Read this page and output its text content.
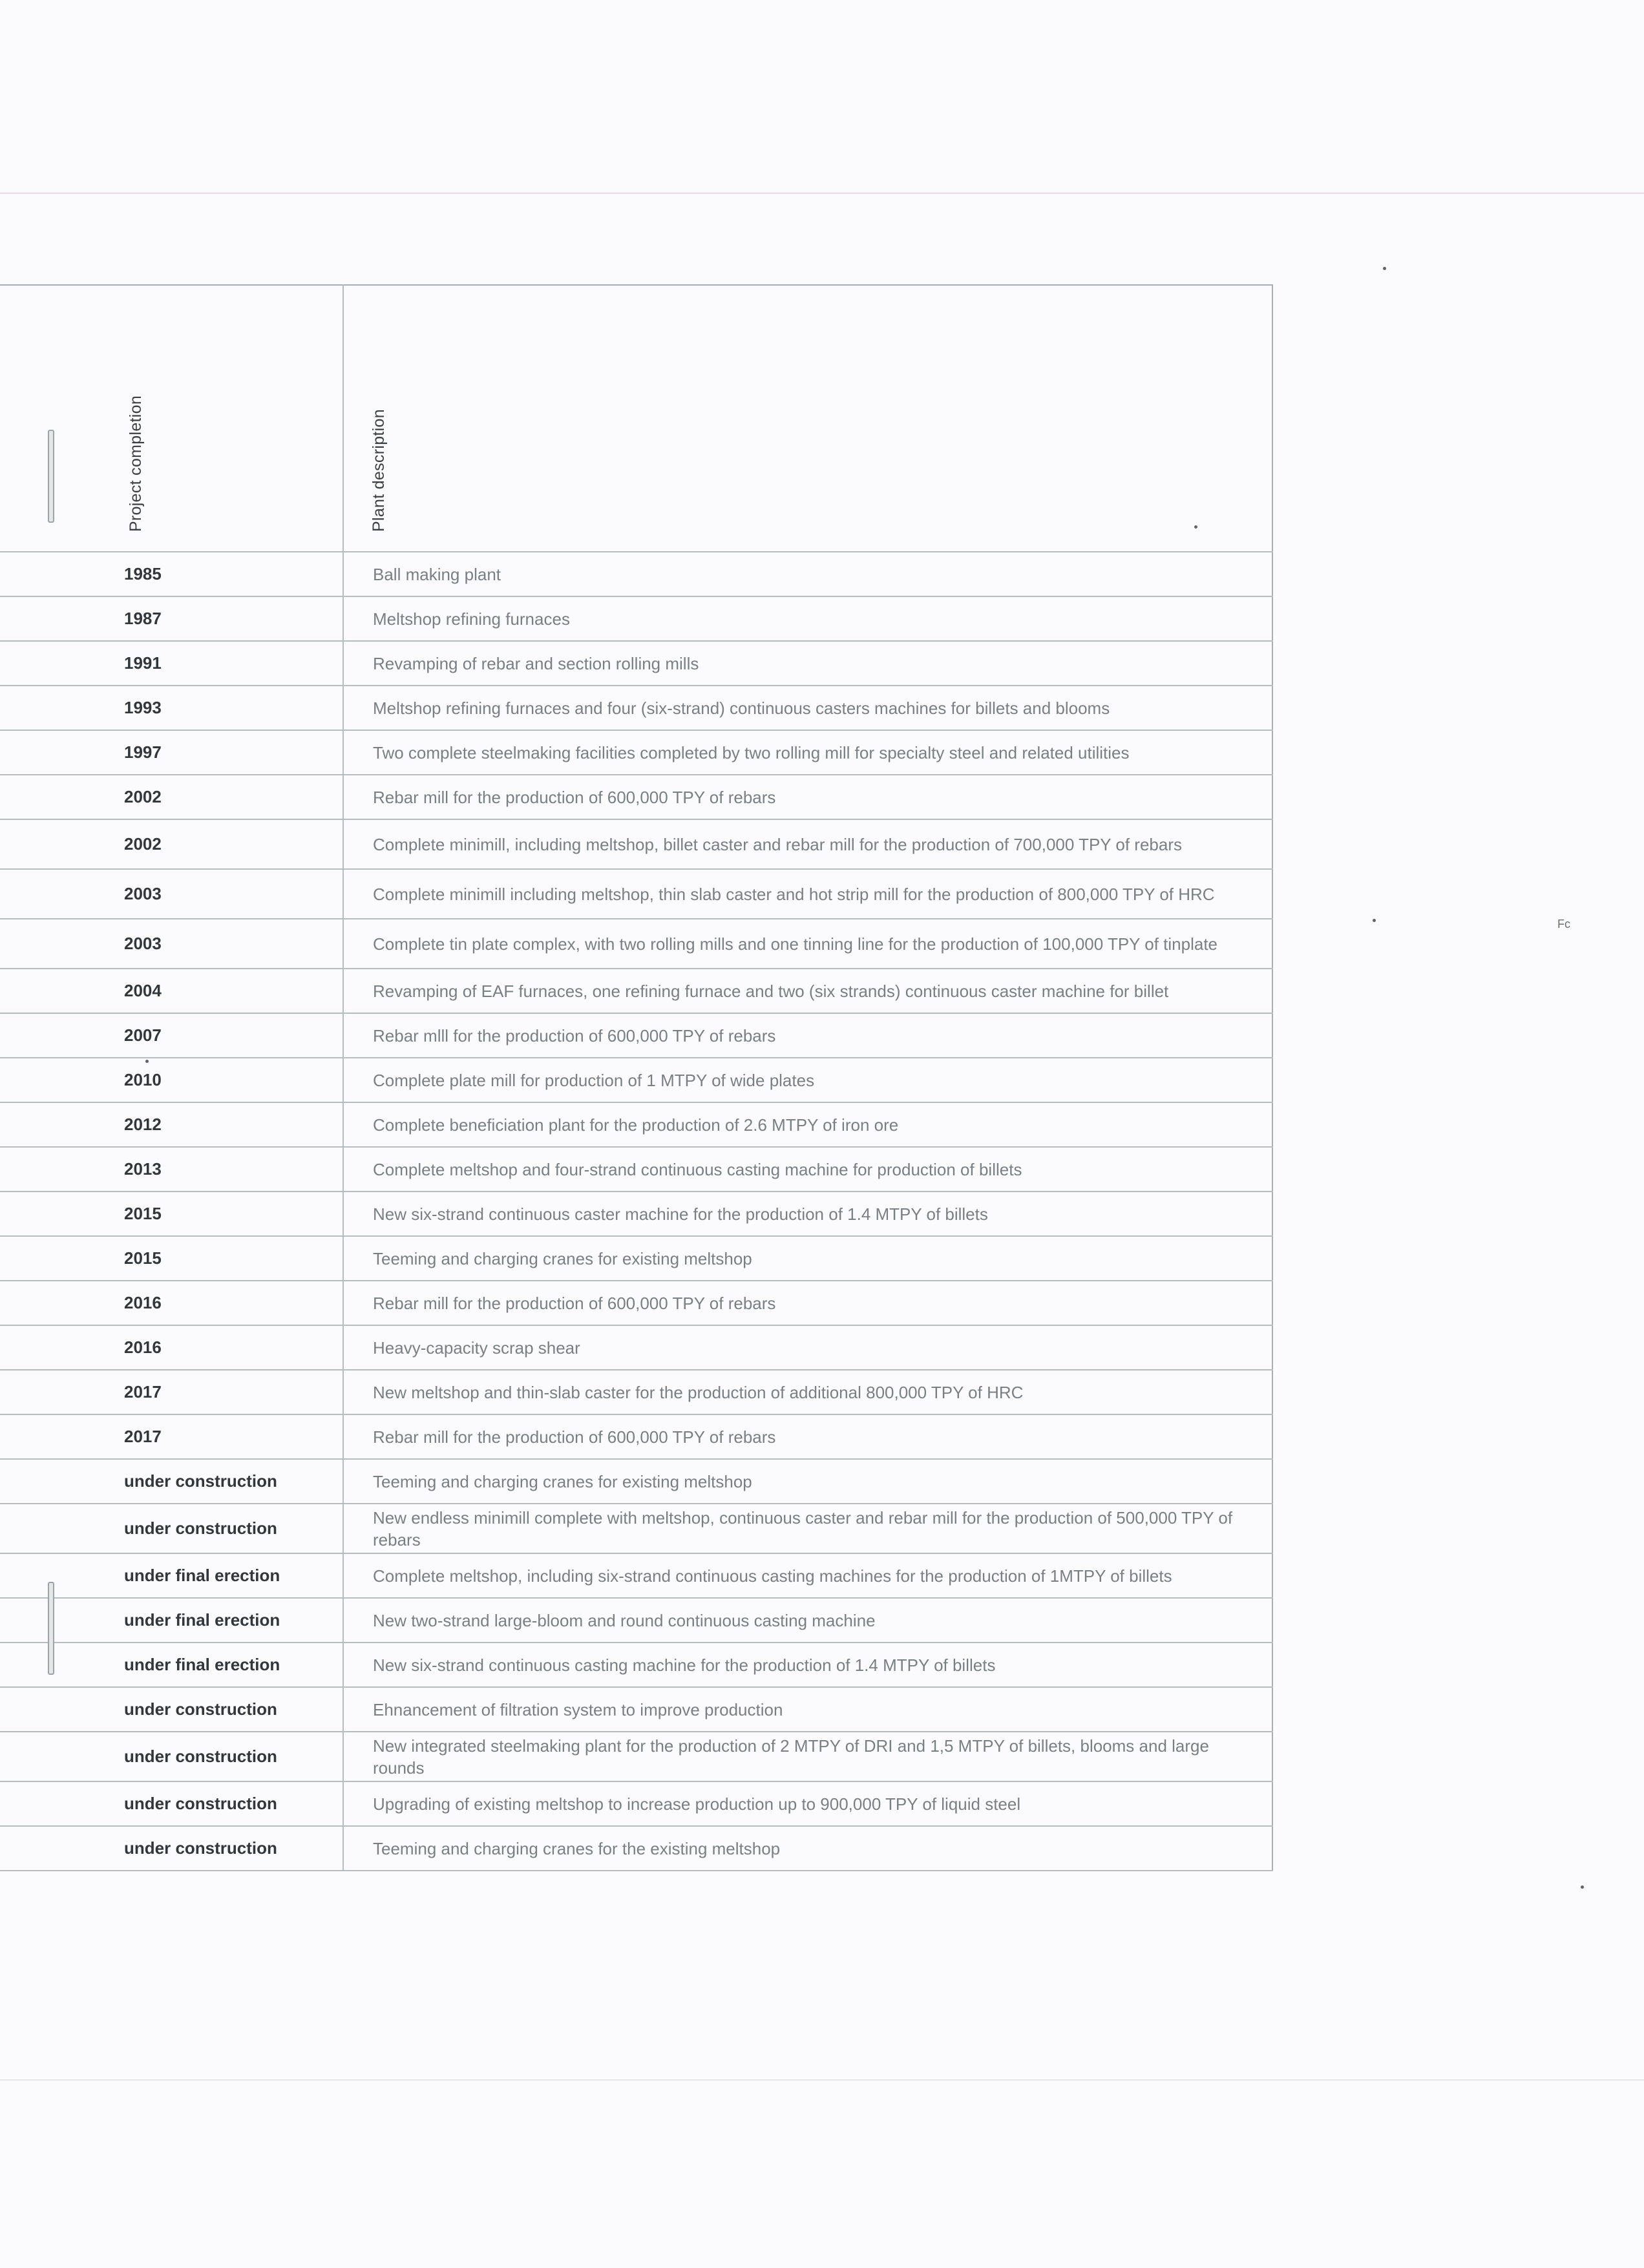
Project completion	Plant description

1985	Ball making plant
1987	Meltshop refining furnaces
1991	Revamping of rebar and section rolling mills
1993	Meltshop refining furnaces and four (six-strand) continuous casters machines for billets and blooms
1997	Two complete steelmaking facilities completed by two rolling mill for specialty steel and related utilities
2002	Rebar mill for the production of 600,000 TPY of rebars
2002	Complete minimill, including meltshop, billet caster and rebar mill for the production of 700,000 TPY of rebars
2003	Complete minimill including meltshop, thin slab caster and hot strip mill for the production of 800,000 TPY of HRC
2003	Complete tin plate complex, with two rolling mills and one tinning line for the production of 100,000 TPY of tinplate
2004	Revamping of EAF furnaces, one refining furnace and two (six strands) continuous caster machine for billet
2007	Rebar mlll for the production of 600,000 TPY of rebars
2010	Complete plate mill for production of 1 MTPY of wide plates
2012	Complete beneficiation plant for the production of 2.6 MTPY of iron ore
2013	Complete meltshop and four-strand continuous casting machine for production of billets
2015	New six-strand continuous caster machine for the production of 1.4 MTPY of billets
2015	Teeming and charging cranes for existing meltshop
2016	Rebar mill for the production of 600,000 TPY of rebars
2016	Heavy-capacity scrap shear
2017	New meltshop and thin-slab caster for the production of additional 800,000 TPY of HRC
2017	Rebar mill for the production of 600,000 TPY of rebars
under construction	Teeming and charging cranes for existing meltshop
under construction	New endless minimill complete with meltshop, continuous caster and rebar mill for the production of 500,000 TPY of rebars
under final erection	Complete meltshop, including six-strand continuous casting machines for the production of 1MTPY of billets
under final erection	New two-strand large-bloom and round continuous casting machine
under final erection	New six-strand continuous casting machine for the production of 1.4 MTPY of billets
under construction	Ehnancement of filtration system to improve production
under construction	New integrated steelmaking plant for the production of 2 MTPY of DRI and 1,5 MTPY of billets, blooms and large rounds
under construction	Upgrading of existing meltshop to increase production up to 900,000 TPY of liquid steel
under construction	Teeming and charging cranes for the existing meltshop
Fc
